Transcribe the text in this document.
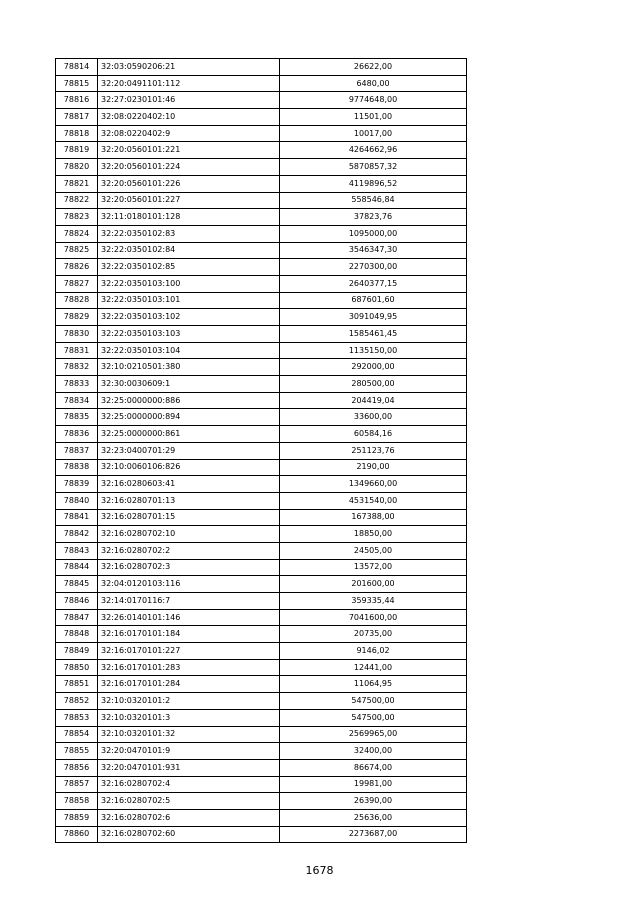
78814	32:03:0590206:21	26622,00
78815	32:20:0491101:112	6480,00
78816	32:27:0230101:46	9774648,00
78817	32:08:0220402:10	11501,00
78818	32:08:0220402:9	10017,00
78819	32:20:0560101:221	4264662,96
78820	32:20:0560101:224	5870857,32
78821	32:20:0560101:226	4119896,52
78822	32:20:0560101:227	558546,84
78823	32:11:0180101:128	37823,76
78824	32:22:0350102:83	1095000,00
78825	32:22:0350102:84	3546347,30
78826	32:22:0350102:85	2270300,00
78827	32:22:0350103:100	2640377,15
78828	32:22:0350103:101	687601,60
78829	32:22:0350103:102	3091049,95
78830	32:22:0350103:103	1585461,45
78831	32:22:0350103:104	1135150,00
78832	32:10:0210501:380	292000,00
78833	32:30:0030609:1	280500,00
78834	32:25:0000000:886	204419,04
78835	32:25:0000000:894	33600,00
78836	32:25:0000000:861	60584,16
78837	32:23:0400701:29	251123,76
78838	32:10:0060106:826	2190,00
78839	32:16:0280603:41	1349660,00
78840	32:16:0280701:13	4531540,00
78841	32:16:0280701:15	167388,00
78842	32:16:0280702:10	18850,00
78843	32:16:0280702:2	24505,00
78844	32:16:0280702:3	13572,00
78845	32:04:0120103:116	201600,00
78846	32:14:0170116:7	359335,44
78847	32:26:0140101:146	7041600,00
78848	32:16:0170101:184	20735,00
78849	32:16:0170101:227	9146,02
78850	32:16:0170101:283	12441,00
78851	32:16:0170101:284	11064,95
78852	32:10:0320101:2	547500,00
78853	32:10:0320101:3	547500,00
78854	32:10:0320101:32	2569965,00
78855	32:20:0470101:9	32400,00
78856	32:20:0470101:931	86674,00
78857	32:16:0280702:4	19981,00
78858	32:16:0280702:5	26390,00
78859	32:16:0280702:6	25636,00
78860	32:16:0280702:60	2273687,00
1678
